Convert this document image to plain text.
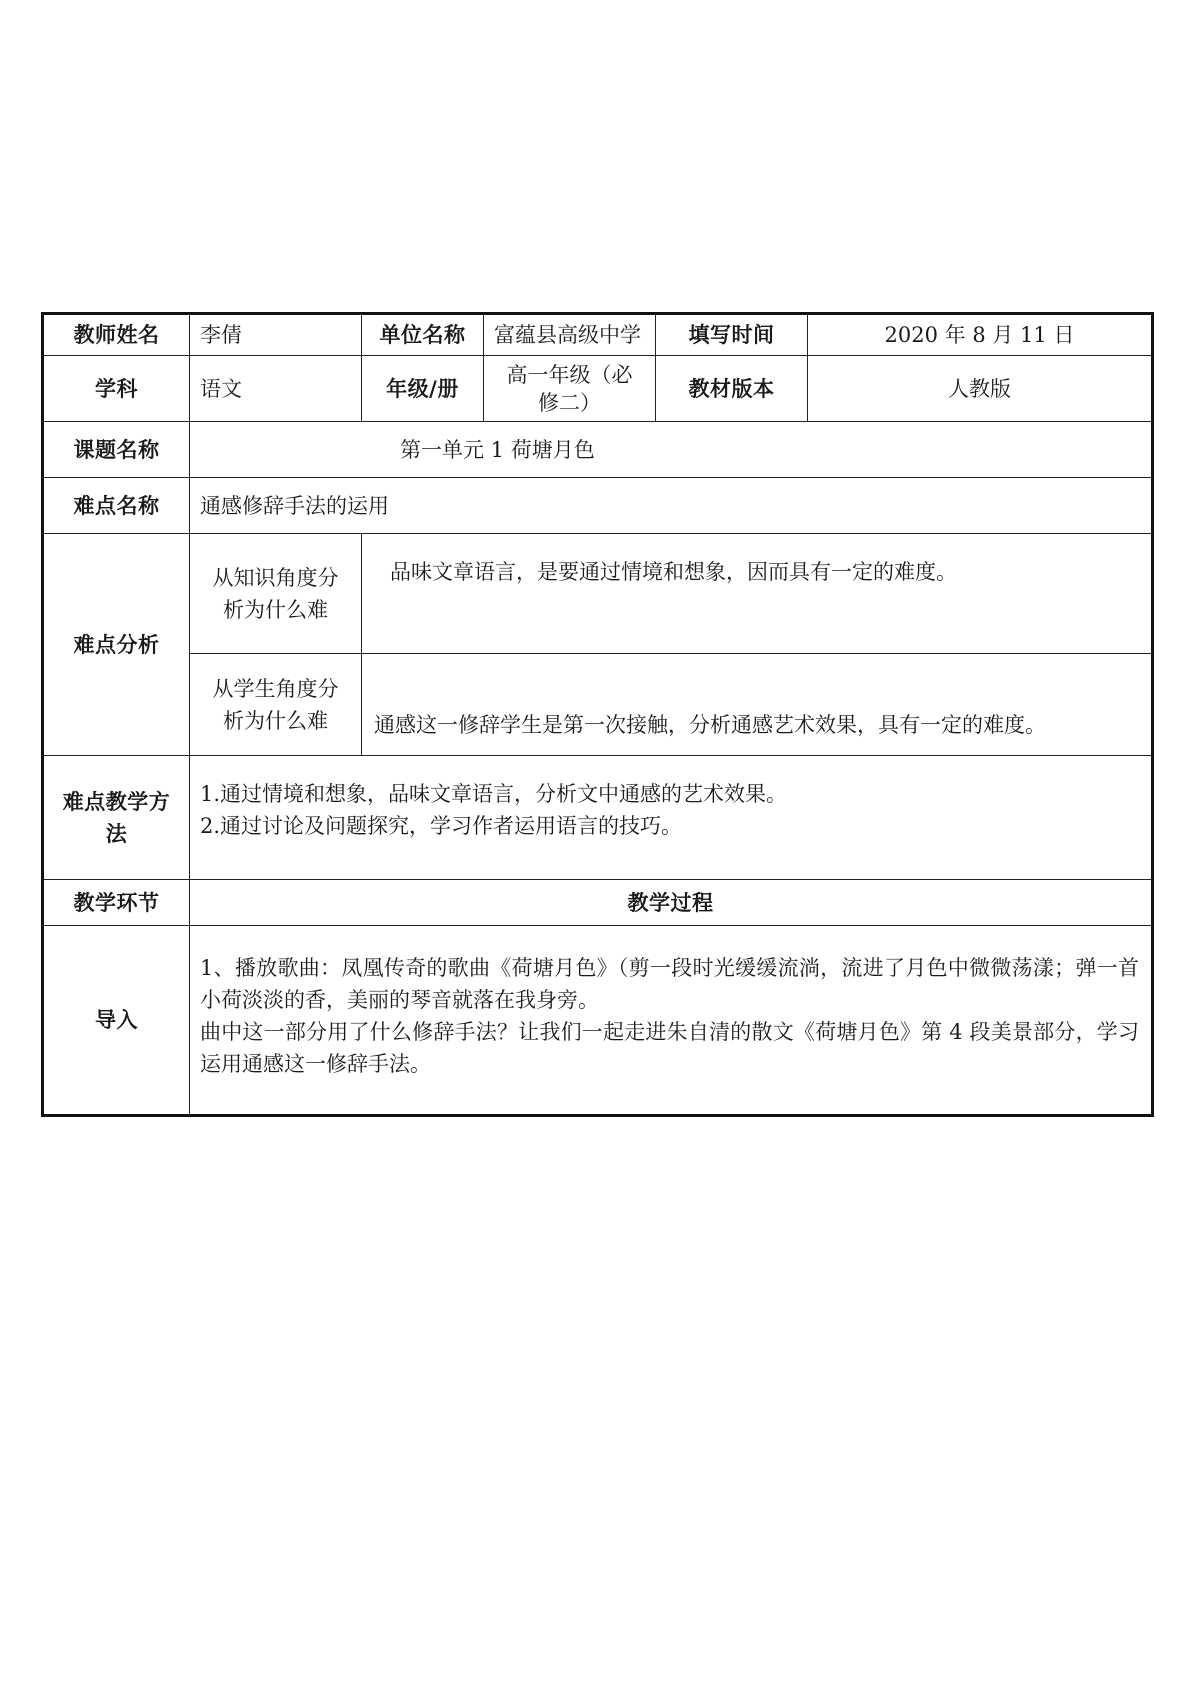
教师姓名	李倩	单位名称	富蕴县高级中学	填写时间	2020 年 8 月 11 日
学科	语文	年级/册	高一年级（必修二）	教材版本	人教版
课题名称	第一单元 1 荷塘月色				
难点名称	通感修辞手法的运用				
难点分析	从知识角度分析为什么难	品味文章语言，是要通过情境和想象，因而具有一定的难度。			
	从学生角度分析为什么难	通感这一修辞学生是第一次接触，分析通感艺术效果，具有一定的难度。			
难点教学方法	1.通过情境和想象，品味文章语言，分析文中通感的艺术效果。
2.通过讨论及问题探究，学习作者运用语言的技巧。				

教学环节	教学过程				
导入	1、播放歌曲：凤凰传奇的歌曲《荷塘月色》（剪一段时光缓缓流淌，流进了月色中微微荡漾；弹一首小荷淡淡的香，美丽的琴音就落在我身旁。
曲中这一部分用了什么修辞手法？让我们一起走进朱自清的散文《荷塘月色》第 4 段美景部分，学习运用通感这一修辞手法。				
